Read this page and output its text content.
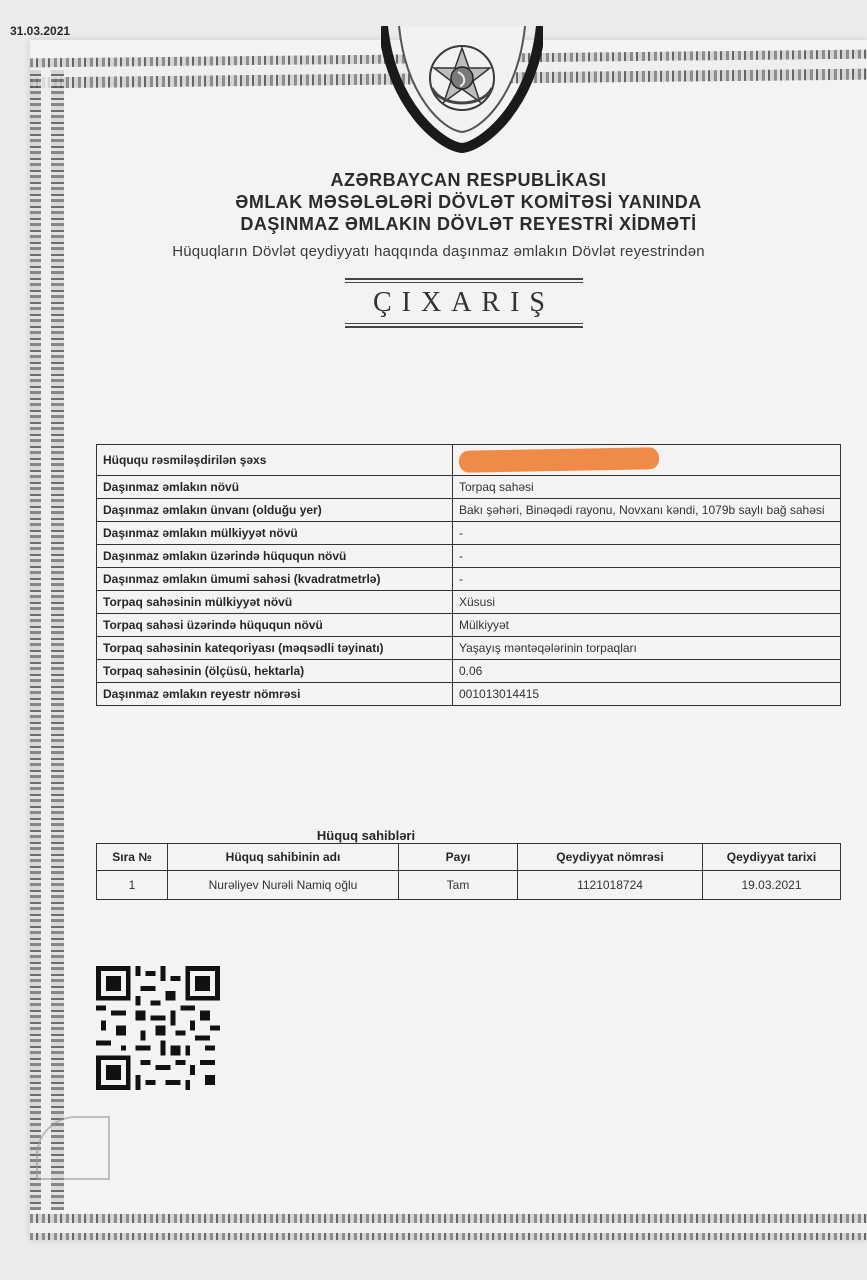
31.03.2021
AZƏRBAYCAN RESPUBLİKASI
ƏMLAK MƏSƏLƏLƏRİ DÖVLƏT KOMİTƏSİ YANINDA
DAŞINMAZ ƏMLAKIN DÖVLƏT REYESTRİ XİDMƏTİ
Hüquqların Dövlət qeydiyyatı haqqında daşınmaz əmlakın Dövlət reyestrindən
ÇIXARIŞ
Hüququ rəsmiləşdirilən şəxs	
Daşınmaz əmlakın növü	Torpaq sahəsi
Daşınmaz əmlakın ünvanı (olduğu yer)	Bakı şəhəri, Binəqədi rayonu, Novxanı kəndi, 1079b saylı bağ sahəsi
Daşınmaz əmlakın mülkiyyət növü	-
Daşınmaz əmlakın üzərində hüququn növü	-
Daşınmaz əmlakın ümumi sahəsi (kvadratmetrlə)	-
Torpaq sahəsinin mülkiyyət növü	Xüsusi
Torpaq sahəsi üzərində hüququn növü	Mülkiyyət
Torpaq sahəsinin kateqoriyası (məqsədli təyinatı)	Yaşayış məntəqələrinin torpaqları
Torpaq sahəsinin (ölçüsü, hektarla)	0.06
Daşınmaz əmlakın reyestr nömrəsi	001013014415
Hüquq sahibləri
Sıra №	Hüquq sahibinin adı	Payı	Qeydiyyat nömrəsi	Qeydiyyat tarixi
1	Nurəliyev Nurəli Namiq oğlu	Tam	1121018724	19.03.2021
